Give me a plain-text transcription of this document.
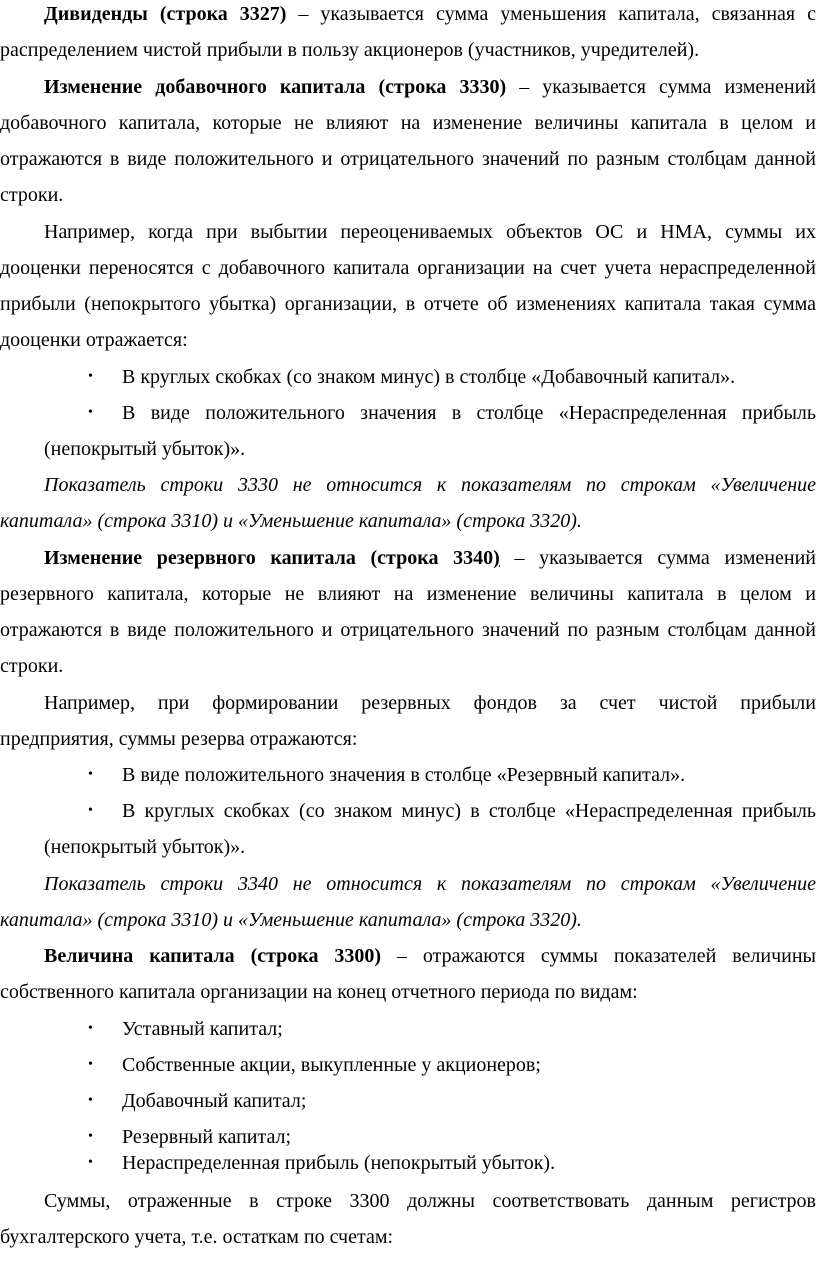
Дивиденды (строка 3327) – указывается сумма уменьшения капитала, связанная с
распределением чистой прибыли в пользу акционеров (участников, учредителей).
Изменение добавочного капитала (строка 3330) – указывается сумма изменений
добавочного капитала, которые не влияют на изменение величины капитала в целом и
отражаются в виде положительного и отрицательного значений по разным столбцам данной
строки.
Например, когда при выбытии переоцениваемых объектов ОС и НМА, суммы их
дооценки переносятся с добавочного капитала организации на счет учета нераспределенной
прибыли (непокрытого убытка) организации, в отчете об изменениях капитала такая сумма
дооценки отражается:
•	В круглых скобках (со знаком минус) в столбце «Добавочный капитал».
•	В виде положительного значения в столбце «Нераспределенная прибыль
(непокрытый убыток)».
Показатель строки 3330 не относится к показателям по строкам «Увеличение
капитала» (строка 3310) и «Уменьшение капитала» (строка 3320).
Изменение резервного капитала (строка 3340) – указывается сумма изменений
резервного капитала, которые не влияют на изменение величины капитала в целом и
отражаются в виде положительного и отрицательного значений по разным столбцам данной
строки.
Например, при формировании резервных фондов за счет чистой прибыли
предприятия, суммы резерва отражаются:
•	В виде положительного значения в столбце «Резервный капитал».
•	В круглых скобках (со знаком минус) в столбце «Нераспределенная прибыль
(непокрытый убыток)».
Показатель строки 3340 не относится к показателям по строкам «Увеличение
капитала» (строка 3310) и «Уменьшение капитала» (строка 3320).
Величина капитала (строка 3300) – отражаются суммы показателей величины
собственного капитала организации на конец отчетного периода по видам:
•	Уставный капитал;
•	Собственные акции, выкупленные у акционеров;
•	Добавочный капитал;
•	Резервный капитал;
•	Нераспределенная прибыль (непокрытый убыток).
Суммы, отраженные в строке 3300 должны соответствовать данным регистров
бухгалтерского учета, т.е. остаткам по счетам:
